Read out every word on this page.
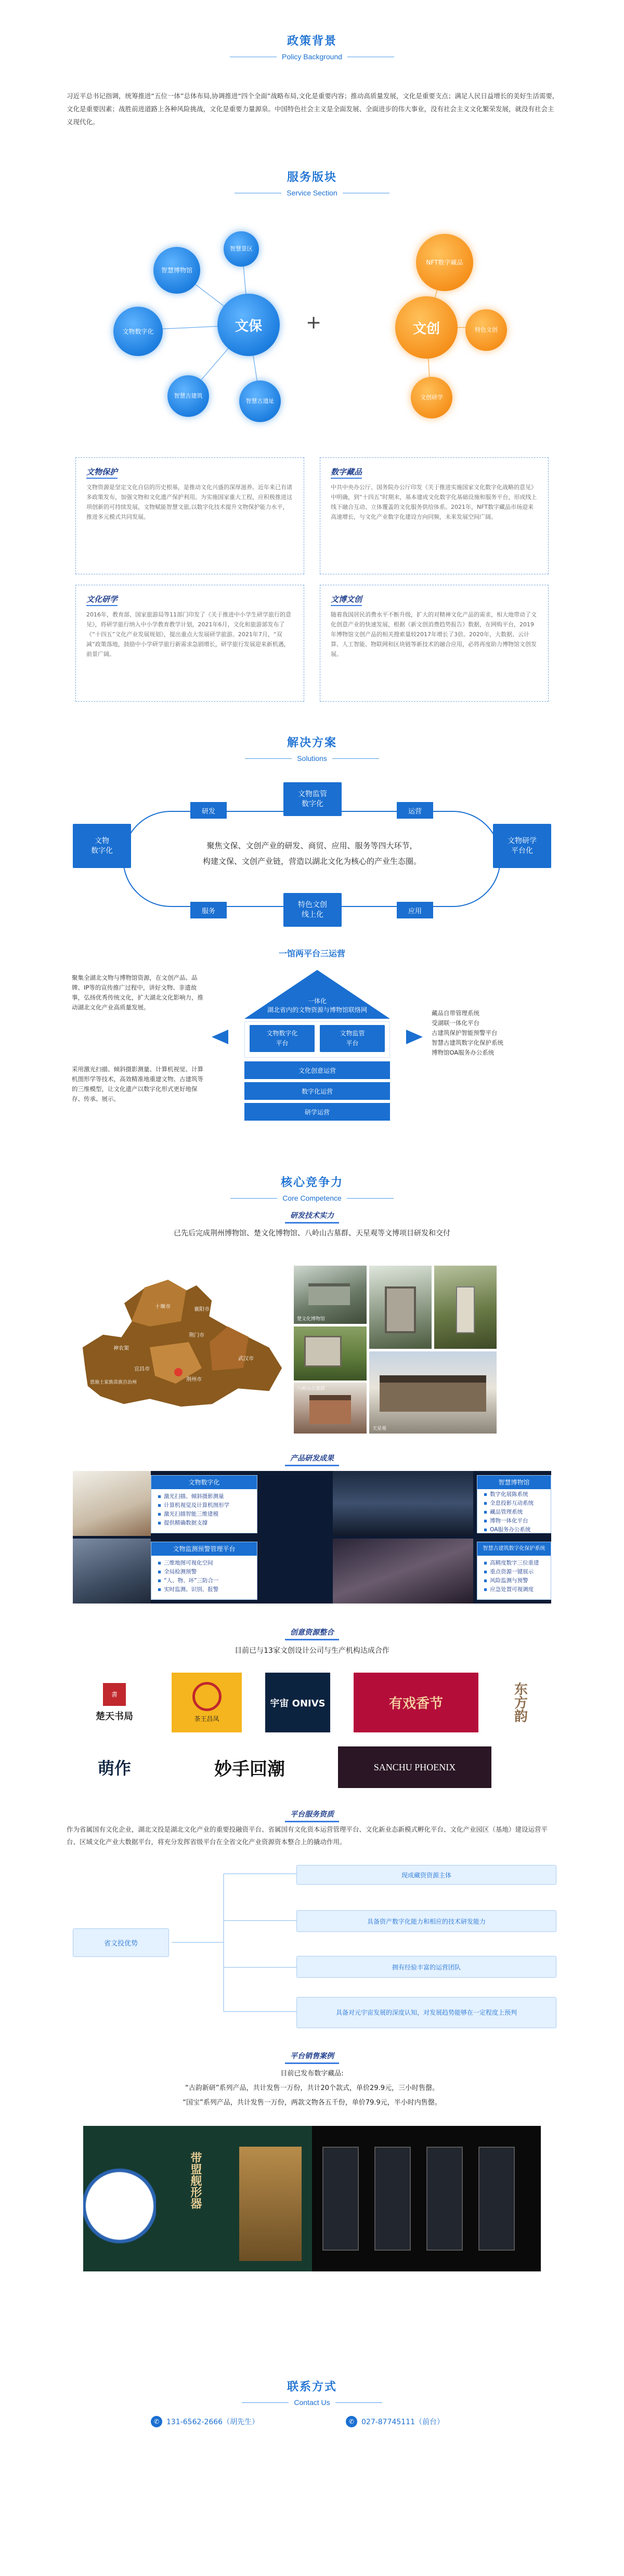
政策背景
Policy Background
习近平总书记指调，统筹推进“五位一体”总体布局,协调推进“四个全面”战略布局,文化是重要内容；推动高质量发展，文化是重要支点；满足人民日益增长的美好生活需要,文化是重要因素；战胜前进道路上各种风险挑战，文化是重要力量源泉。中国特色社会主义是全面发展、全面进步的伟大事业，没有社会主义文化繁荣发展，就没有社会主义现代化。
服务版块
Service Section
文保
智慧景区
智慧博物馆
文物数字化
智慧古建筑
智慧古遗址
+	文创
NFT数字藏品
特色文创
文创研学
文物保护
文物资源是坚定文化自信的历史根基，是推动文化兴盛的深厚滋养。近年来已有诸多政策发布，加强文物和文化遗产保护利用。为实施国家重大工程，应积极推进这项创新的可持续发展，文物赋能智慧文旅,以数字化技术提升文物保护能力水平，推进多元模式共同发展。
数字藏品
中共中央办公厅、国务院办公厅印发《关于推进实施国家文化数字化战略的意见》中明确，到“十四五”时期末，基本建成文化数字化基础设施和服务平台，形成线上线下融合互动、立体覆盖的文化服务供给体系。2021年，NFT数字藏品市场迎来高速增长，与文化产业数字化建设方向同频，未来发展空间广阔。
文化研学
2016年，教育部、国家旅游局等11部门印发了《关于推进中小学生研学旅行的意见》，将研学旅行纳入中小学教育教学计划，2021年6月，文化和旅游部发布了《“十四五”文化产业发展规划》，提出重点大发展研学旅游。2021年7月，“双减”政策落地，鼓励中小学研学旅行新需求急剧增长，研学旅行发展迎来新机遇，前景广阔。
文博文创
随着我国居民消费水平不断升级，扩大的对精神文化产品的需求，相大地带动了文化创意产业的快速发展，根据《新文创消费趋势报告》数据，在网购平台，2019年博物馆文创产品的相关搜索量较2017年增长了3倍。2020年，大数据、云计算、人工智能、物联网和区块链等新技术的融合应用，必将再度助力博物馆文创发展。
解决方案
Solutions
文物监管
数字化
文物
数字化
文物研学
平台化
特色文创
线上化
研发	运营
服务	应用
聚焦文保、文创产业的研发、商贸、应用、服务等四大环节，
构建文保、文创产业链，营造以湖北文化为核心的产业生态圈。
一馆两平台三运营
聚集全湖北文物与博物馆资源，在文创产品、品牌、IP等的宣传推广过程中，讲好文物、非遗故事，弘扬优秀传统文化，扩大湖北文化影响力，推动湖北文化产业高质量发展。
采用激光扫描、倾斜摄影测量、计算机视觉、计算机图形学等技术，高效精准地重建文物、古建筑等的三维模型，让文化遗产以数字化形式更好地保存、传承、展示。
一体化
湖北省内的文物资源与博物馆联络网
文物数字化
平台
文物监管
平台
文化创意运营
数字化运营
研学运营
藏品自带管理系统
受湖联一体化平台
古建筑保护智能预警平台
智慧古建筑数字化保护系统
博物馆OA服务办公系统
核心竞争力
Core Competence
研发技术实力
已先后完成荆州博物馆、楚文化博物馆、八岭山古墓群、天星观等文博项目研发和交付
十堰市
神农架
宜昌市
荆门市
荆州市
武汉市
襄阳市
恩施土家族苗族自治州
楚文化博物馆
八岭山古墓群
天星观
产品研发成果
文物数字化
▪ 激光扫描、倾斜摄影测量
▪ 计算机视觉及计算机图形学
▪ 激光扫描智能三维建模
▪ 提供精确数据支撑
智慧博物馆
▪ 数字化展陈系统
▪ 全息投影互动系统
▪ 藏品管理系统
▪ 博物一体化平台
▪ OA服务办公系统
文物监测预警管理平台
▪ 三维地图可视化空间
▪ 全局检测预警
▪ “人、物、环”三防合一
▪ 实时监测、识别、报警
智慧古建筑数字化保护系统
▪ 高精度数字三位重建
▪ 重点资源一键展示
▪ 风险监测与预警
▪ 应急处置可视调度
创意资源整合
目前已与13家文创设计公司与生产机构达成合作
書
楚天书局	茶王昌凤
宇宙 ONIVS	有戏香节	东方韵
萌作	妙手回潮	SANCHU PHOENIX
平台服务资质
作为省属国有文化企业，湖北文投是湖北文化产业的重要投融资平台、省属国有文化资本运营管理平台、文化新业态新模式孵化平台、文化产业园区（基地）建设运营平台、区域文化产业大数据平台，将充分发挥省级平台在全省文化产业资源资本整合上的撬动作用。
省文投优势
现成藏资资源主体
具备资产数字化能力和相应的技术研发能力
拥有经验丰富的运营团队
具备对元宇宙发展的深度认知，对发展趋势能够在一定程度上预判
平台销售案例
目前已发布数字藏品:
“古韵新研”系列产品，共计发售一万份，共计20个款式，单价29.9元，三小时售罄。
“国宝”系列产品，共计发售一万份，两款文物各五千份，单价79.9元，半小时内售罄。
带盟舰形器
联系方式
Contact Us
✆ 131-6562-2666（胡先生）	✆ 027-87745111（前台）
